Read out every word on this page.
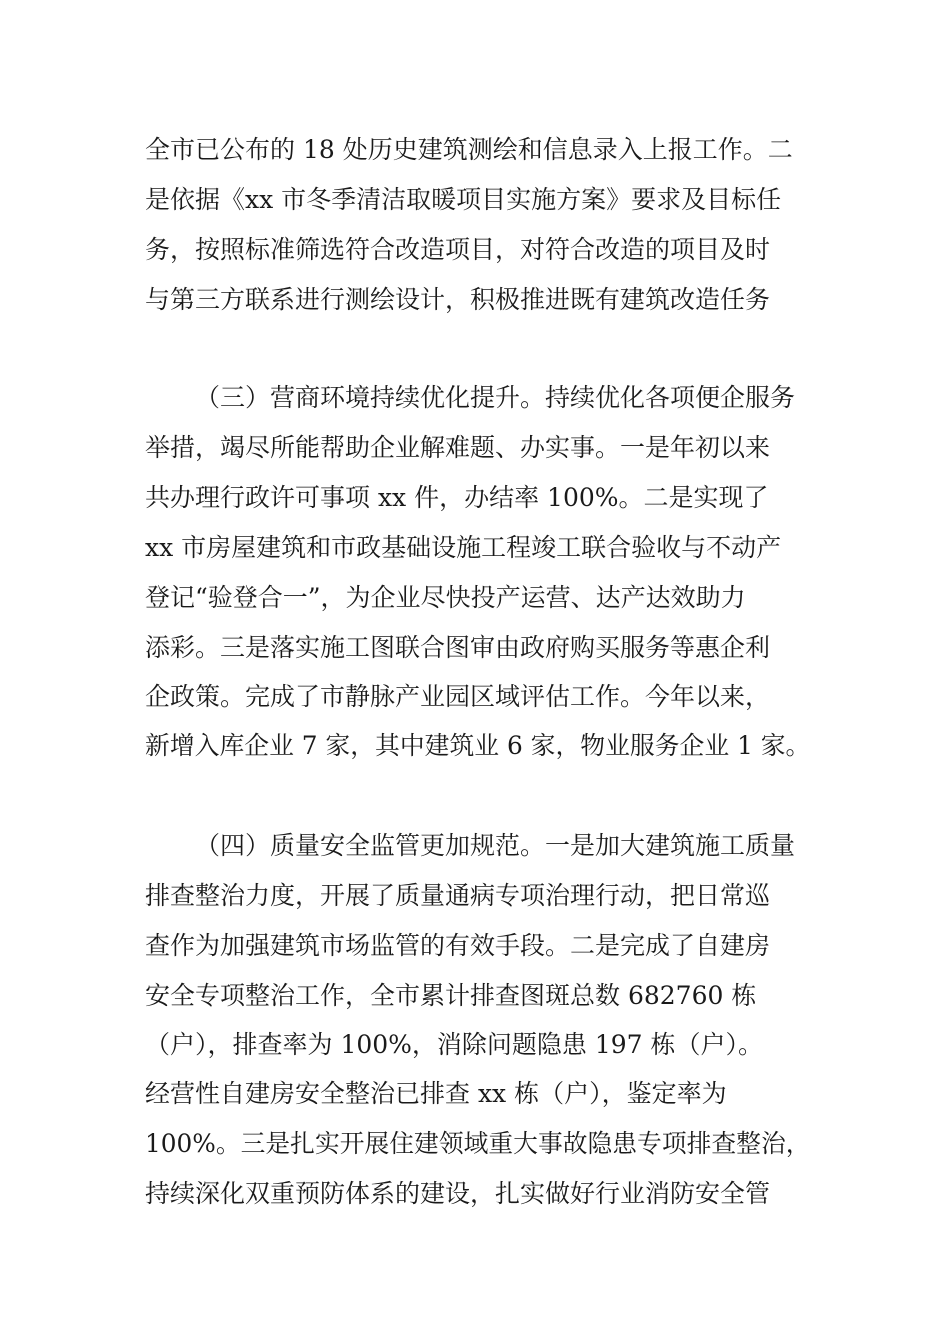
全市已公布的 18 处历史建筑测绘和信息录入上报工作。二
是依据《xx 市冬季清洁取暖项目实施方案》要求及目标任
务，按照标准筛选符合改造项目，对符合改造的项目及时
与第三方联系进行测绘设计，积极推进既有建筑改造任务
（三）营商环境持续优化提升。持续优化各项便企服务
举措，竭尽所能帮助企业解难题、办实事。一是年初以来
共办理行政许可事项 xx 件，办结率 100%。二是实现了
xx 市房屋建筑和市政基础设施工程竣工联合验收与不动产
登记“验登合一”，为企业尽快投产运营、达产达效助力
添彩。三是落实施工图联合图审由政府购买服务等惠企利
企政策。完成了市静脉产业园区域评估工作。今年以来，
新增入库企业 7 家，其中建筑业 6 家，物业服务企业 1 家。
（四）质量安全监管更加规范。一是加大建筑施工质量
排查整治力度，开展了质量通病专项治理行动，把日常巡
查作为加强建筑市场监管的有效手段。二是完成了自建房
安全专项整治工作，全市累计排查图斑总数 682760 栋
（户），排查率为 100%，消除问题隐患 197 栋（户）。
经营性自建房安全整治已排查 xx 栋（户），鉴定率为
100%。三是扎实开展住建领域重大事故隐患专项排查整治，
持续深化双重预防体系的建设，扎实做好行业消防安全管
